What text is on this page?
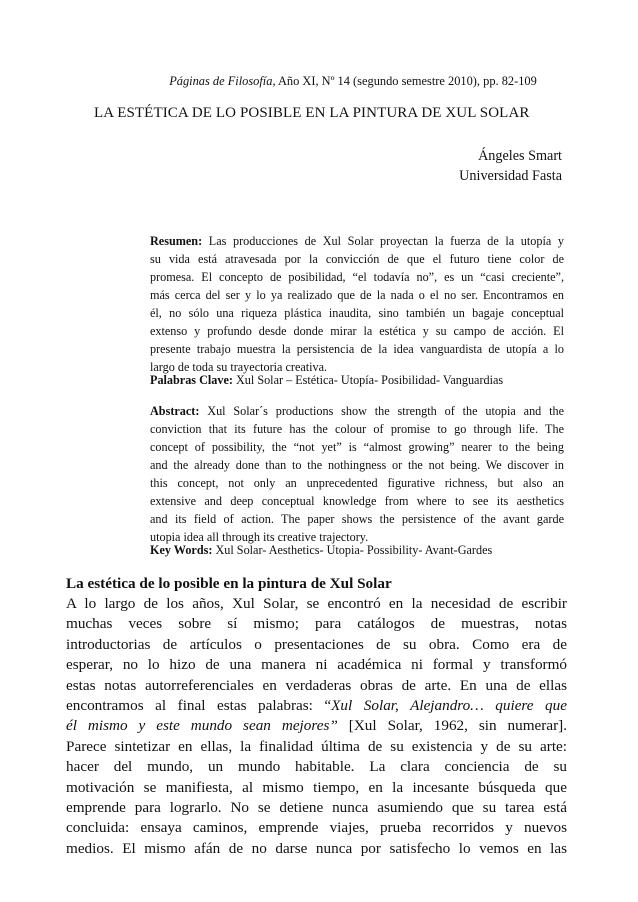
Páginas de Filosofía, Año XI, Nº 14 (segundo semestre 2010), pp. 82-109
LA ESTÉTICA DE LO POSIBLE EN LA PINTURA DE XUL SOLAR
Ángeles Smart
Universidad Fasta
Resumen: Las producciones de Xul Solar proyectan la fuerza de la utopía y
su vida está atravesada por la convicción de que el futuro tiene color de
promesa. El concepto de posibilidad, “el todavía no”, es un “casi creciente”,
más cerca del ser y lo ya realizado que de la nada o el no ser. Encontramos en
él, no sólo una riqueza plástica inaudita, sino también un bagaje conceptual
extenso y profundo desde donde mirar la estética y su campo de acción. El
presente trabajo muestra la persistencia de la idea vanguardista de utopía a lo
largo de toda su trayectoria creativa.
Palabras Clave: Xul Solar – Estética- Utopía- Posibilidad- Vanguardias
Abstract: Xul Solar´s productions show the strength of the utopia and the
conviction that its future has the colour of promise to go through life. The
concept of possibility, the “not yet” is “almost growing” nearer to the being
and the already done than to the nothingness or the not being. We discover in
this concept, not only an unprecedented figurative richness, but also an
extensive and deep conceptual knowledge from where to see its aesthetics
and its field of action. The paper shows the persistence of the avant garde
utopia idea all through its creative trajectory.
Key Words: Xul Solar- Aesthetics- Utopia- Possibility- Avant-Gardes
La estética de lo posible en la pintura de Xul Solar
A lo largo de los años, Xul Solar, se encontró en la necesidad de escribir
muchas veces sobre sí mismo; para catálogos de muestras, notas
introductorias de artículos o presentaciones de su obra. Como era de
esperar, no lo hizo de una manera ni académica ni formal y transformó
estas notas autorreferenciales en verdaderas obras de arte. En una de ellas
encontramos al final estas palabras: “Xul Solar, Alejandro… quiere que
él mismo y este mundo sean mejores” [Xul Solar, 1962, sin numerar].
Parece sintetizar en ellas, la finalidad última de su existencia y de su arte:
hacer del mundo, un mundo habitable. La clara conciencia de su
motivación se manifiesta, al mismo tiempo, en la incesante búsqueda que
emprende para lograrlo. No se detiene nunca asumiendo que su tarea está
concluida: ensaya caminos, emprende viajes, prueba recorridos y nuevos
medios. El mismo afán de no darse nunca por satisfecho lo vemos en las
